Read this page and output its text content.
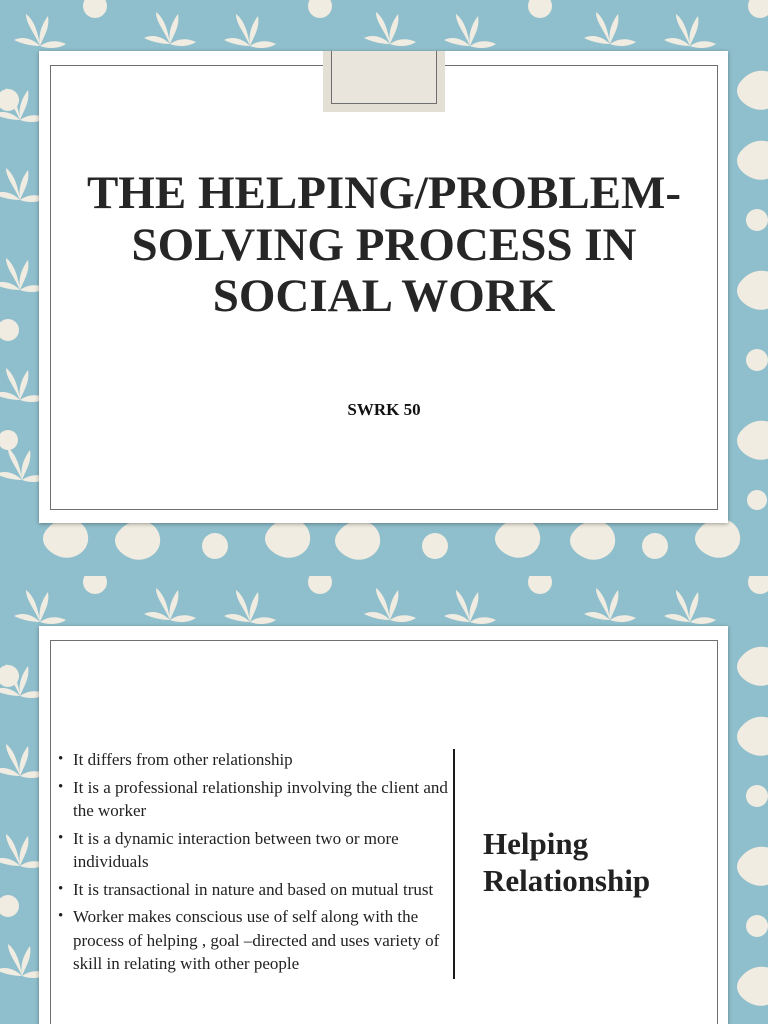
THE HELPING/PROBLEM-SOLVING PROCESS IN SOCIAL WORK
SWRK 50
• It differs from other relationship
• It is a professional relationship involving the client and the worker
• It is a dynamic interaction between two or more individuals
• It is transactional in nature and based on mutual trust
• Worker makes conscious use of self along with the process of helping , goal –directed and uses variety of skill in relating with other people
Helping Relationship
